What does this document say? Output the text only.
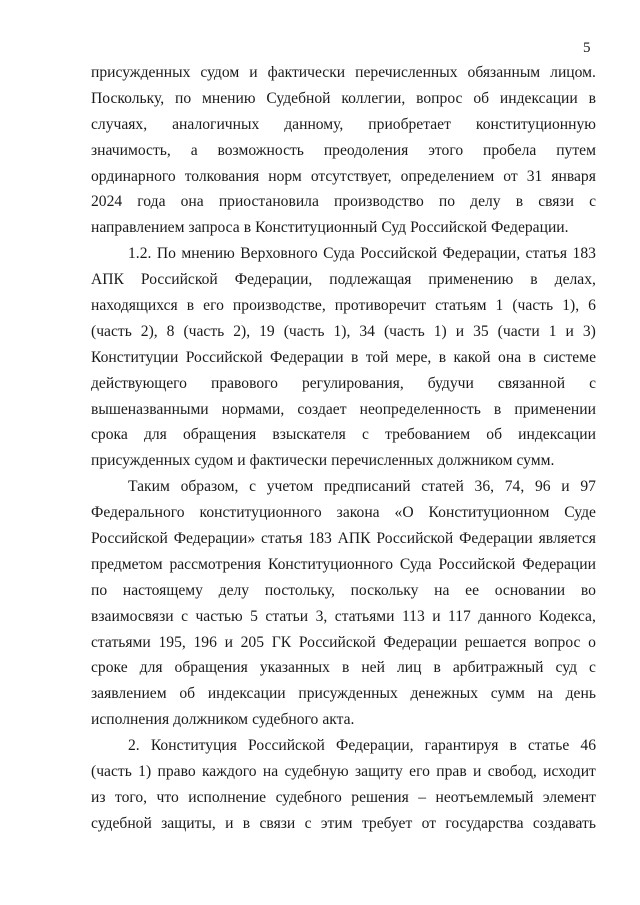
5
присужденных судом и фактически перечисленных обязанным лицом.
Поскольку, по мнению Судебной коллегии, вопрос об индексации в
случаях, аналогичных данному, приобретает конституционную
значимость, а возможность преодоления этого пробела путем
ординарного толкования норм отсутствует, определением от 31 января
2024 года она приостановила производство по делу в связи с
направлением запроса в Конституционный Суд Российской Федерации.
1.2. По мнению Верховного Суда Российской Федерации, статья 183
АПК Российской Федерации, подлежащая применению в делах,
находящихся в его производстве, противоречит статьям 1 (часть 1), 6
(часть 2), 8 (часть 2), 19 (часть 1), 34 (часть 1) и 35 (части 1 и 3)
Конституции Российской Федерации в той мере, в какой она в системе
действующего правового регулирования, будучи связанной с
вышеназванными нормами, создает неопределенность в применении
срока для обращения взыскателя с требованием об индексации
присужденных судом и фактически перечисленных должником сумм.
Таким образом, с учетом предписаний статей 36, 74, 96 и 97
Федерального конституционного закона «О Конституционном Суде
Российской Федерации» статья 183 АПК Российской Федерации является
предметом рассмотрения Конституционного Суда Российской Федерации
по настоящему делу постольку, поскольку на ее основании во
взаимосвязи с частью 5 статьи 3, статьями 113 и 117 данного Кодекса,
статьями 195, 196 и 205 ГК Российской Федерации решается вопрос о
сроке для обращения указанных в ней лиц в арбитражный суд с
заявлением об индексации присужденных денежных сумм на день
исполнения должником судебного акта.
2. Конституция Российской Федерации, гарантируя в статье 46
(часть 1) право каждого на судебную защиту его прав и свобод, исходит
из того, что исполнение судебного решения – неотъемлемый элемент
судебной защиты, и в связи с этим требует от государства создавать
